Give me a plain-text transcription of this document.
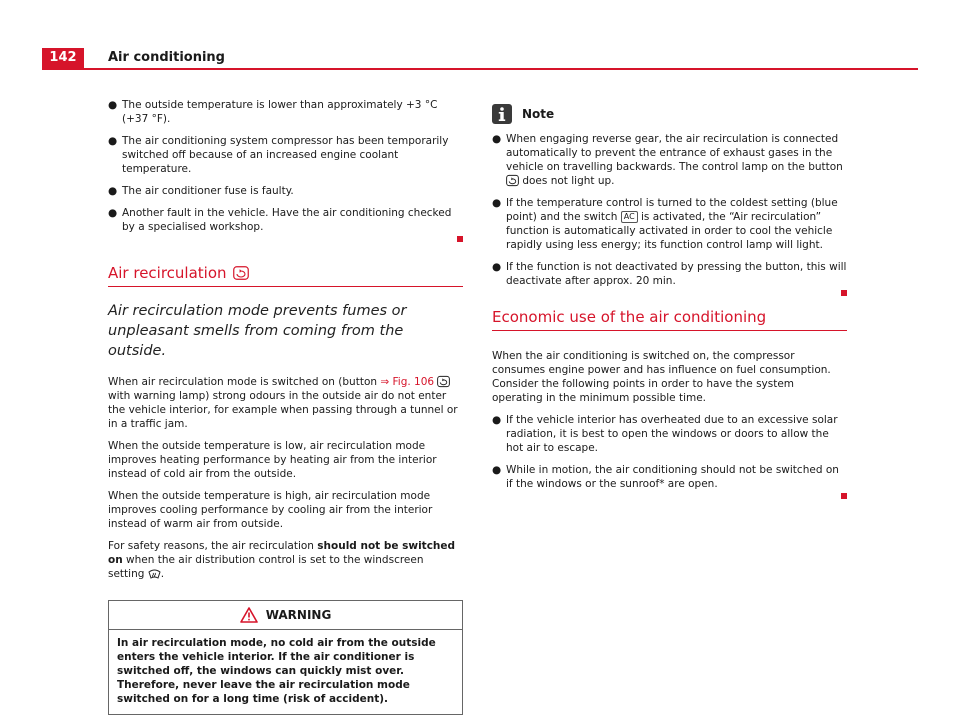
142	Air conditioning
● The outside temperature is lower than approximately +3 °C (+37 °F).
● The air conditioning system compressor has been temporarily switched off because of an increased engine coolant temperature.
● The air conditioner fuse is faulty.
● Another fault in the vehicle. Have the air conditioning checked by a specialised workshop.
Air recirculation
Air recirculation mode prevents fumes or unpleasant smells from coming from the outside.

When air recirculation mode is switched on (button ⇒ Fig. 106  with warning lamp) strong odours in the outside air do not enter the vehicle interior, for example when passing through a tunnel or in a traffic jam.

When the outside temperature is low, air recirculation mode improves heating performance by heating air from the interior instead of cold air from the outside.

When the outside temperature is high, air recirculation mode improves cooling performance by cooling air from the interior instead of warm air from outside.

For safety reasons, the air recirculation should not be switched on when the air distribution control is set to the windscreen setting .

WARNING
In air recirculation mode, no cold air from the outside enters the vehicle interior. If the air conditioner is switched off, the windows can quickly mist over. Therefore, never leave the air recirculation mode switched on for a long time (risk of accident).
Note
● When engaging reverse gear, the air recirculation is connected automatically to prevent the entrance of exhaust gases in the vehicle on travelling backwards. The control lamp on the button  does not light up.
● If the temperature control is turned to the coldest setting (blue point) and the switch AC is activated, the “Air recirculation” function is automatically activated in order to cool the vehicle rapidly using less energy; its function control lamp will light.
● If the function is not deactivated by pressing the button, this will deactivate after approx. 20 min.
Economic use of the air conditioning

When the air conditioning is switched on, the compressor consumes engine power and has influence on fuel consumption. Consider the following points in order to have the system operating in the minimum possible time.

● If the vehicle interior has overheated due to an excessive solar radiation, it is best to open the windows or doors to allow the hot air to escape.
● While in motion, the air conditioning should not be switched on if the windows or the sunroof* are open.
